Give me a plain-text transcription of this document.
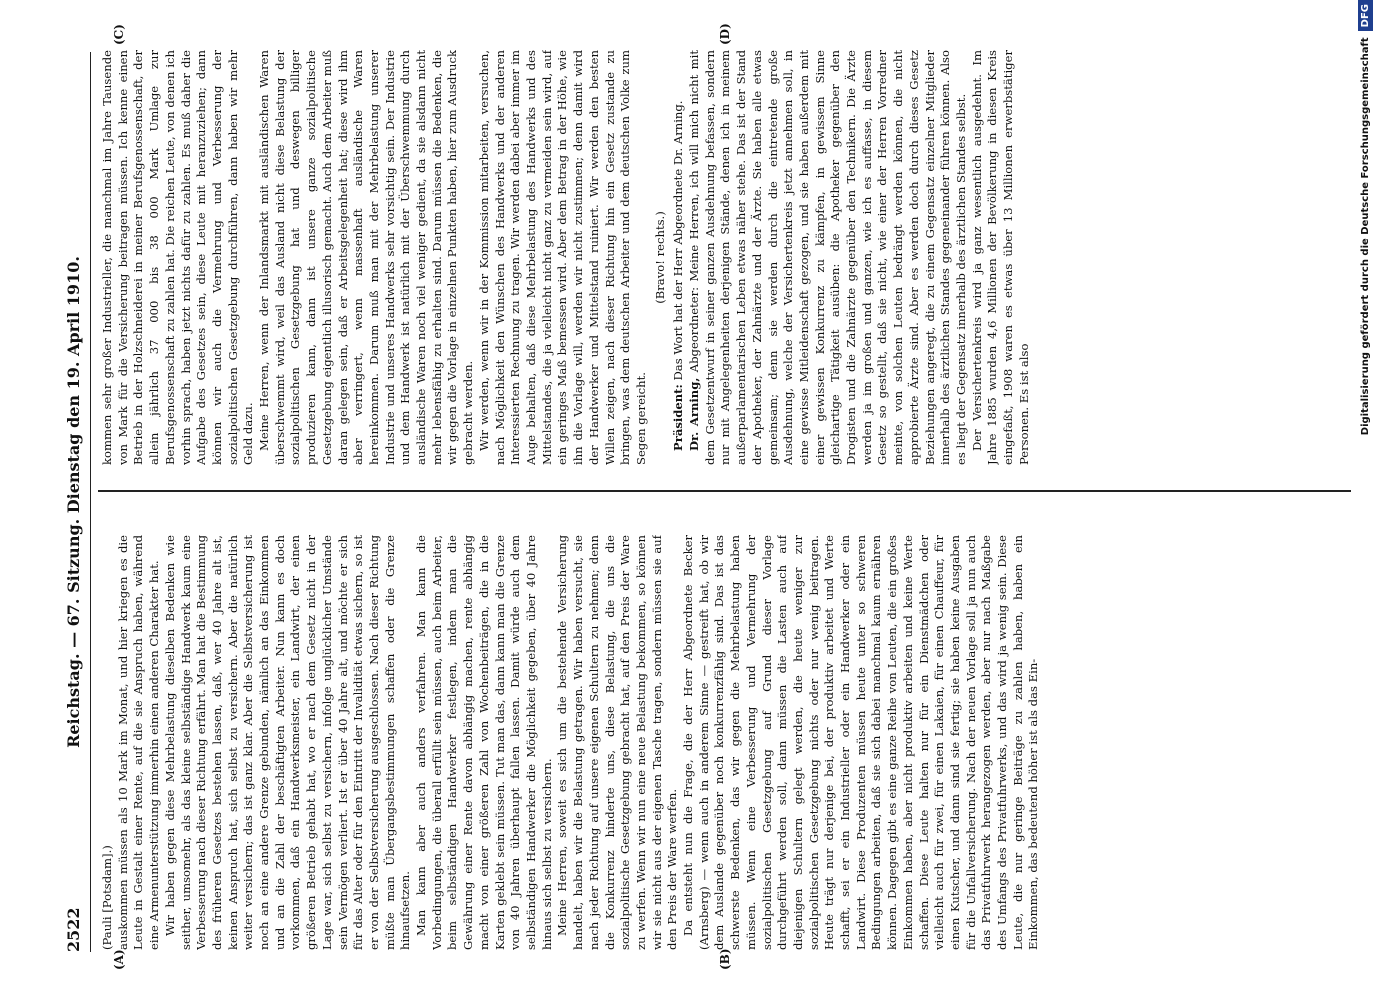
2522
Reichstag. — 67. Sitzung. Dienstag den 19. April 1910.
(A)	(B)
(C)	(D)

(Pauli [Potsdam].) auskommen müssen als 10 Mark im Monat, und hier kriegen es die Leute in Gestalt einer Rente, auf die sie Anspruch haben, während eine Armenunterstützung immerhin einen anderen Charakter hat. Wir haben gegen diese Mehrbelastung dieselben Bedenken wie seither, umsomehr, als das kleine selbständige Handwerk kaum eine Verbesserung nach dieser Richtung erfährt. Man hat die Bestimmung des früheren Gesetzes bestehen lassen, daß, wer 40 Jahre alt ist, keinen Anspruch hat, sich selbst zu versichern. Aber die natürlich weiter versichern; das ist ganz klar. Aber die Selbstversicherung ist noch an eine andere Grenze gebunden, nämlich an das Einkommen und an die Zahl der beschäftigten Arbeiter. Nun kann es doch vorkommen, daß ein Handwerksmeister, ein Landwirt, der einen größeren Betrieb gehabt hat, wo er nach dem Gesetz nicht in der Lage war, sich selbst zu versichern, infolge unglücklicher Umstände sein Vermögen verliert. Ist er über 40 Jahre alt, und möchte er sich für das Alter oder für den Eintritt der Invalidität etwas sichern, so ist er von der Selbstversicherung ausgeschlossen. Nach dieser Richtung müßte man Übergangsbestimmungen schaffen oder die Grenze hinaufsetzen. Man kann aber auch anders verfahren. Man kann die Vorbedingungen, die überall erfüllt sein müssen, auch beim Arbeiter, beim selbständigen Handwerker festlegen, indem man die Gewährung einer Rente davon abhängig machen, rente abhängig macht von einer größeren Zahl von Wochenbeiträgen, die in die Karten geklebt sein müssen. Tut man das, dann kann man die Grenze von 40 Jahren überhaupt fallen lassen. Damit würde auch dem selbständigen Handwerker die Möglichkeit gegeben, über 40 Jahre hinaus sich selbst zu versichern. Meine Herren, soweit es sich um die bestehende Versicherung handelt, haben wir die Belastung getragen. Wir haben versucht, sie nach jeder Richtung auf unsere eigenen Schultern zu nehmen; denn die Konkurrenz hinderte uns, diese Belastung, die uns die sozialpolitische Gesetzgebung gebracht hat, auf den Preis der Ware zu werfen. Wenn wir nun eine neue Belastung bekommen, so können wir sie nicht aus der eigenen Tasche tragen, sondern müssen sie auf den Preis der Ware werfen. Da entsteht nun die Frage, die der Herr Abgeordnete Becker (Arnsberg) — wenn auch in anderem Sinne — gestreift hat, ob wir dem Auslande gegenüber noch konkurrenzfähig sind. Das ist das schwerste Bedenken, das wir gegen die Mehrbelastung haben müssen. Wenn eine Verbesserung und Vermehrung der sozialpolitischen Gesetzgebung auf Grund dieser Vorlage durchgeführt werden soll, dann müssen die Lasten auch auf diejenigen Schultern gelegt werden, die heute weniger zur sozialpolitischen Gesetzgebung nichts oder nur wenig beitragen. Heute trägt nur derjenige bei, der produktiv arbeitet und Werte schafft, sei er ein Industrieller oder ein Handwerker oder ein Landwirt. Diese Produzenten müssen heute unter so schweren Bedingungen arbeiten, daß sie sich dabei manchmal kaum ernähren können. Dagegen gibt es eine ganze Reihe von Leuten, die ein großes Einkommen haben, aber nicht produktiv arbeiten und keine Werte schaffen. Diese Leute halten nur für ein Dienstmädchen oder vielleicht auch für zwei, für einen Lakaien, für einen Chauffeur, für einen Kutscher, und dann sind sie fertig; sie haben keine Ausgaben für die Unfallversicherung. Nach der neuen Vorlage soll ja nun auch das Privatfuhrwerk herangezogen werden, aber nur nach Maßgabe des Umfangs des Privatfuhrwerks, und das wird ja wenig sein. Diese Leute, die nur geringe Beiträge zu zahlen haben, haben ein Einkommen, das bedeutend höher ist als das Ein-

kommen sehr großer Industrieller, die manchmal im Jahre Tausende von Mark für die Versicherung beitragen müssen. Ich kenne einen Betrieb in der Holzschneiderei in meiner Berufsgenossenschaft, der allein jährlich 37 000 bis 38 000 Mark Umlage zur Berufsgenossenschaft zu zahlen hat. Die reichen Leute, von denen ich vorhin sprach, haben jetzt nichts dafür zu zahlen. Es muß daher die Aufgabe des Gesetzes sein, diese Leute mit heranzuziehen; dann können wir auch die Vermehrung und Verbesserung der sozialpolitischen Gesetzgebung durchführen, dann haben wir mehr Geld dazu. Meine Herren, wenn der Inlandsmarkt mit ausländischen Waren überschwemmt wird, weil das Ausland nicht diese Belastung der sozialpolitischen Gesetzgebung hat und deswegen billiger produzieren kann, dann ist unsere ganze sozialpolitische Gesetzgebung eigentlich illusorisch gemacht. Auch dem Arbeiter muß daran gelegen sein, daß er Arbeitsgelegenheit hat; diese wird ihm aber verringert, wenn massenhaft ausländische Waren hereinkommen. Darum muß man mit der Mehrbelastung unserer Industrie und unseres Handwerks sehr vorsichtig sein. Der Industrie und dem Handwerk ist natürlich mit der Überschwemmung durch ausländische Waren noch viel weniger gedient, da sie alsdann nicht mehr lebensfähig zu erhalten sind. Darum müssen die Bedenken, die wir gegen die Vorlage in einzelnen Punkten haben, hier zum Ausdruck gebracht werden. Wir werden, wenn wir in der Kommission mitarbeiten, versuchen, nach Möglichkeit den Wünschen des Handwerks und der anderen Interessierten Rechnung zu tragen. Wir werden dabei aber immer im Auge behalten, daß diese Mehrbelastung des Handwerks und des Mittelstandes, die ja vielleicht nicht ganz zu vermeiden sein wird, auf ein geringes Maß bemessen wird. Aber dem Betrag in der Höhe, wie ihn die Vorlage will, werden wir nicht zustimmen; denn damit wird der Handwerker und Mittelstand ruiniert. Wir werden den besten Willen zeigen, nach dieser Richtung hin ein Gesetz zustande zu bringen, was dem deutschen Arbeiter und dem deutschen Volke zum Segen gereicht.

(Bravo! rechts.)

Präsident: Das Wort hat der Herr Abgeordnete Dr. Arning.

Dr. Arning, Abgeordneter: Meine Herren, ich will mich nicht mit dem Gesetzentwurf in seiner ganzen Ausdehnung befassen, sondern nur mit Angelegenheiten derjenigen Stände, denen ich in meinem außerparlamentarischen Leben etwas näher stehe. Das ist der Stand der Apotheker, der Zahnärzte und der Ärzte. Sie haben alle etwas gemeinsam; denn sie werden durch die eintretende große Ausdehnung, welche der Versichertenkreis jetzt annehmen soll, in eine gewisse Mitleidenschaft gezogen, und sie haben außerdem mit einer gewissen Konkurrenz zu kämpfen, in gewissem Sinne gleichartige Tätigkeit ausüben: die Apotheker gegenüber den Drogisten und die Zahnärzte gegenüber den Technikern. Die Ärzte werden ja im großen und ganzen, wie ich es auffasse, in diesem Gesetz so gestellt, daß sie nicht, wie einer der Herren Vorredner meinte, von solchen Leuten bedrängt werden können, die nicht approbierte Ärzte sind. Aber es werden doch durch dieses Gesetz Beziehungen angeregt, die zu einem Gegensatz einzelner Mitglieder innerhalb des ärztlichen Standes gegeneinander führen können. Also es liegt der Gegensatz innerhalb des ärztlichen Standes selbst. Der Versichertenkreis wird ja ganz wesentlich ausgedehnt. Im Jahre 1885 wurden 4,6 Millionen der Bevölkerung in diesen Kreis eingefaßt, 1908 waren es etwas über 13 Millionen erwerbstätiger Personen. Es ist also	Digitalisierung gefördert durch die Deutsche Forschungsgemeinschaft
DFG
